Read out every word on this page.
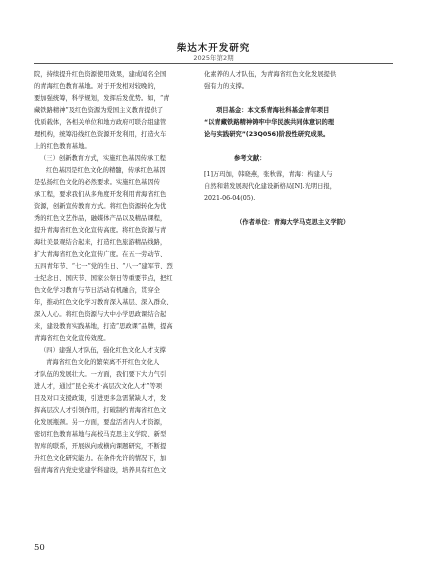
柴达木开发研究
2025年第2期
院，持续提升红色资源使用效果，建成闻名全国
的青海红色教育基地。对于开发相对较晚的，
要加强统筹，科学规划，发挥后发优势。如，“青
藏铁路精神”及红色资源为爱国主义教育提供了
优质载体，各相关单位和地方政府可联合组建管
理机构，统筹沿线红色资源开发利用，打造火车
上的红色教育基地。
（三）创新教育方式，实施红色基因传承工程
红色基因是红色文化的精髓，传承红色基因
是弘扬红色文化的必然要求。实施红色基因传
承工程，要求我们从多角度开发利用青海省红色
资源，创新宣传教育方式。将红色资源转化为优
秀的红色文艺作品，融媒体产品以及精品课程，
提升青海省红色文化宣传高度。将红色资源与青
海壮美景观结合起来，打造红色旅游精品线路，
扩大青海省红色文化宣传广度。在五一劳动节、
五四青年节、“七一”党的生日、“八一”建军节、烈
士纪念日、国庆节、国家公祭日等重要节点，把红
色文化学习教育与节日活动有机融合，贯穿全
年，推动红色文化学习教育深入基层、深入群众、
深入人心。将红色资源与大中小学思政课结合起
来，建设教育实践基地，打造“思政课”品牌，提高
青海省红色文化宣传效度。
（四）建强人才队伍，强化红色文化人才支撑
青海省红色文化的繁荣离不开红色文化人
才队伍的发展壮大。一方面，我们要下大力气引
进人才，通过“昆仑英才·高层次文化人才”等项
目及对口支援政策，引进更多急需紧缺人才，发
挥高层次人才引领作用，打破制约青海省红色文
化发展瓶颈。另一方面，要盘活省内人才资源，
密切红色教育基地与高校马克思主义学院、新型
智库的联系，开展纵向或横向课题研究，不断提
升红色文化研究能力。在条件允许的情况下，加
强青海省内党史党建学科建设，培养具有红色文
化素养的人才队伍，为青海省红色文化发展提供
强有力的支撑。
项目基金：本文系青海社科基金青年项目
“以青藏铁路精神铸牢中华民族共同体意识的理
论与实践研究”(23Q056)阶段性研究成果。
参考文献：
[1]万玛加，韩晓燕，张秋蓉，青海：构建人与
自然和谐发展现代化建设新格局[N].光明日报，
2021-06-04(05).
（作者单位：青海大学马克思主义学院）
50
